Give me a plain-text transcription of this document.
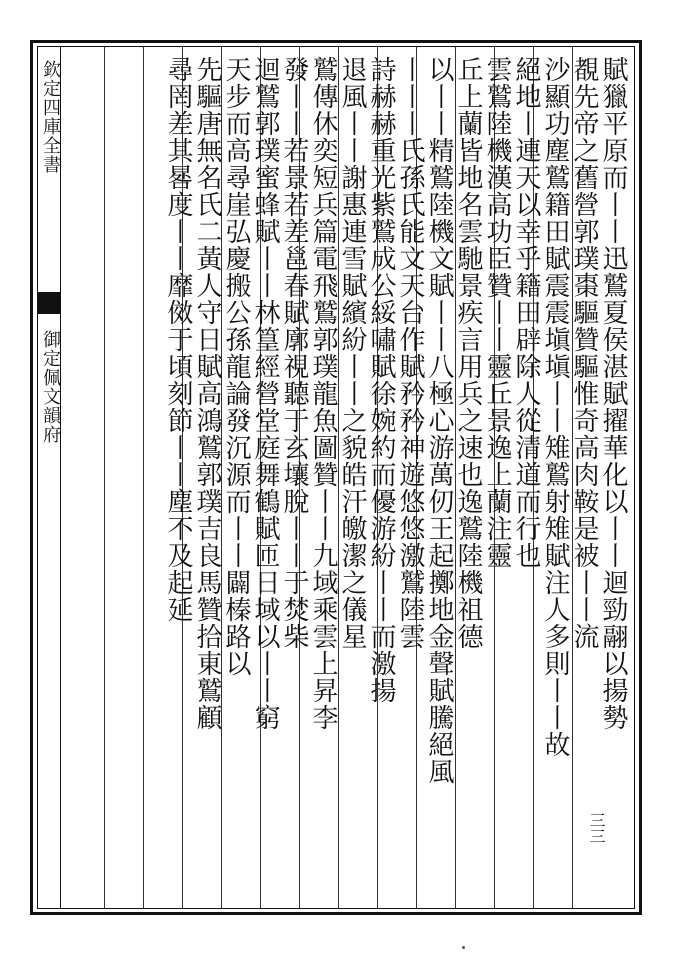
欽定四庫全書
御定佩文韻府	賦獵平原而丨丨迅鷲夏侯湛賦擢華化以丨丨迴勁翮以揚勢
覩先帝之舊營郭璞棗驅贊驅惟奇高肉鞍是被丨丨流
沙顯功塵鷲籍田賦震震塡塡丨丨雉鷲射雉賦注人多則丨丨故
絕地丨連天以幸乎籍田辟除人從清道而行也
雲鷲陸機漢高功臣贊丨丨靈丘景逸上蘭注靈
丘上蘭皆地名雲馳景疾言用兵之速也逸鷲陸機祖德
以丨丨精鷲陸機文賦丨丨八極心游萬仞王起擲地金聲賦騰絕風
丨丨丨氏孫氏能文天台作賦矜矜神遊悠悠激鷲陸雲
詩赫赫重光紫鷲成公綏嘯賦徐婉約而優游紛丨丨而激揚
退風丨丨謝惠連雪賦繽紛丨丨之貌皓汗皦潔之儀星
鷲傳休奕短兵篇電飛鷲郭璞龍魚圖贊丨丨九域乘雲上昇李
發丨丨若景若差邕春賦廓視聽于玄壤脫丨丨于焚柴
迴鷲郭璞蜜蜂賦丨丨林篁經營堂庭舞鶴賦匝日域以丨丨窮
天步而高尋崖弘慶搬公孫龍論發沉源而丨丨闢榛路以
先驅唐無名氏二黃人守日賦高鴻鷲郭璞吉良馬贊拾東鷲顧
尋罔差其晷度丨丨靡傚于頃刻節丨丨塵不及起延
三三
